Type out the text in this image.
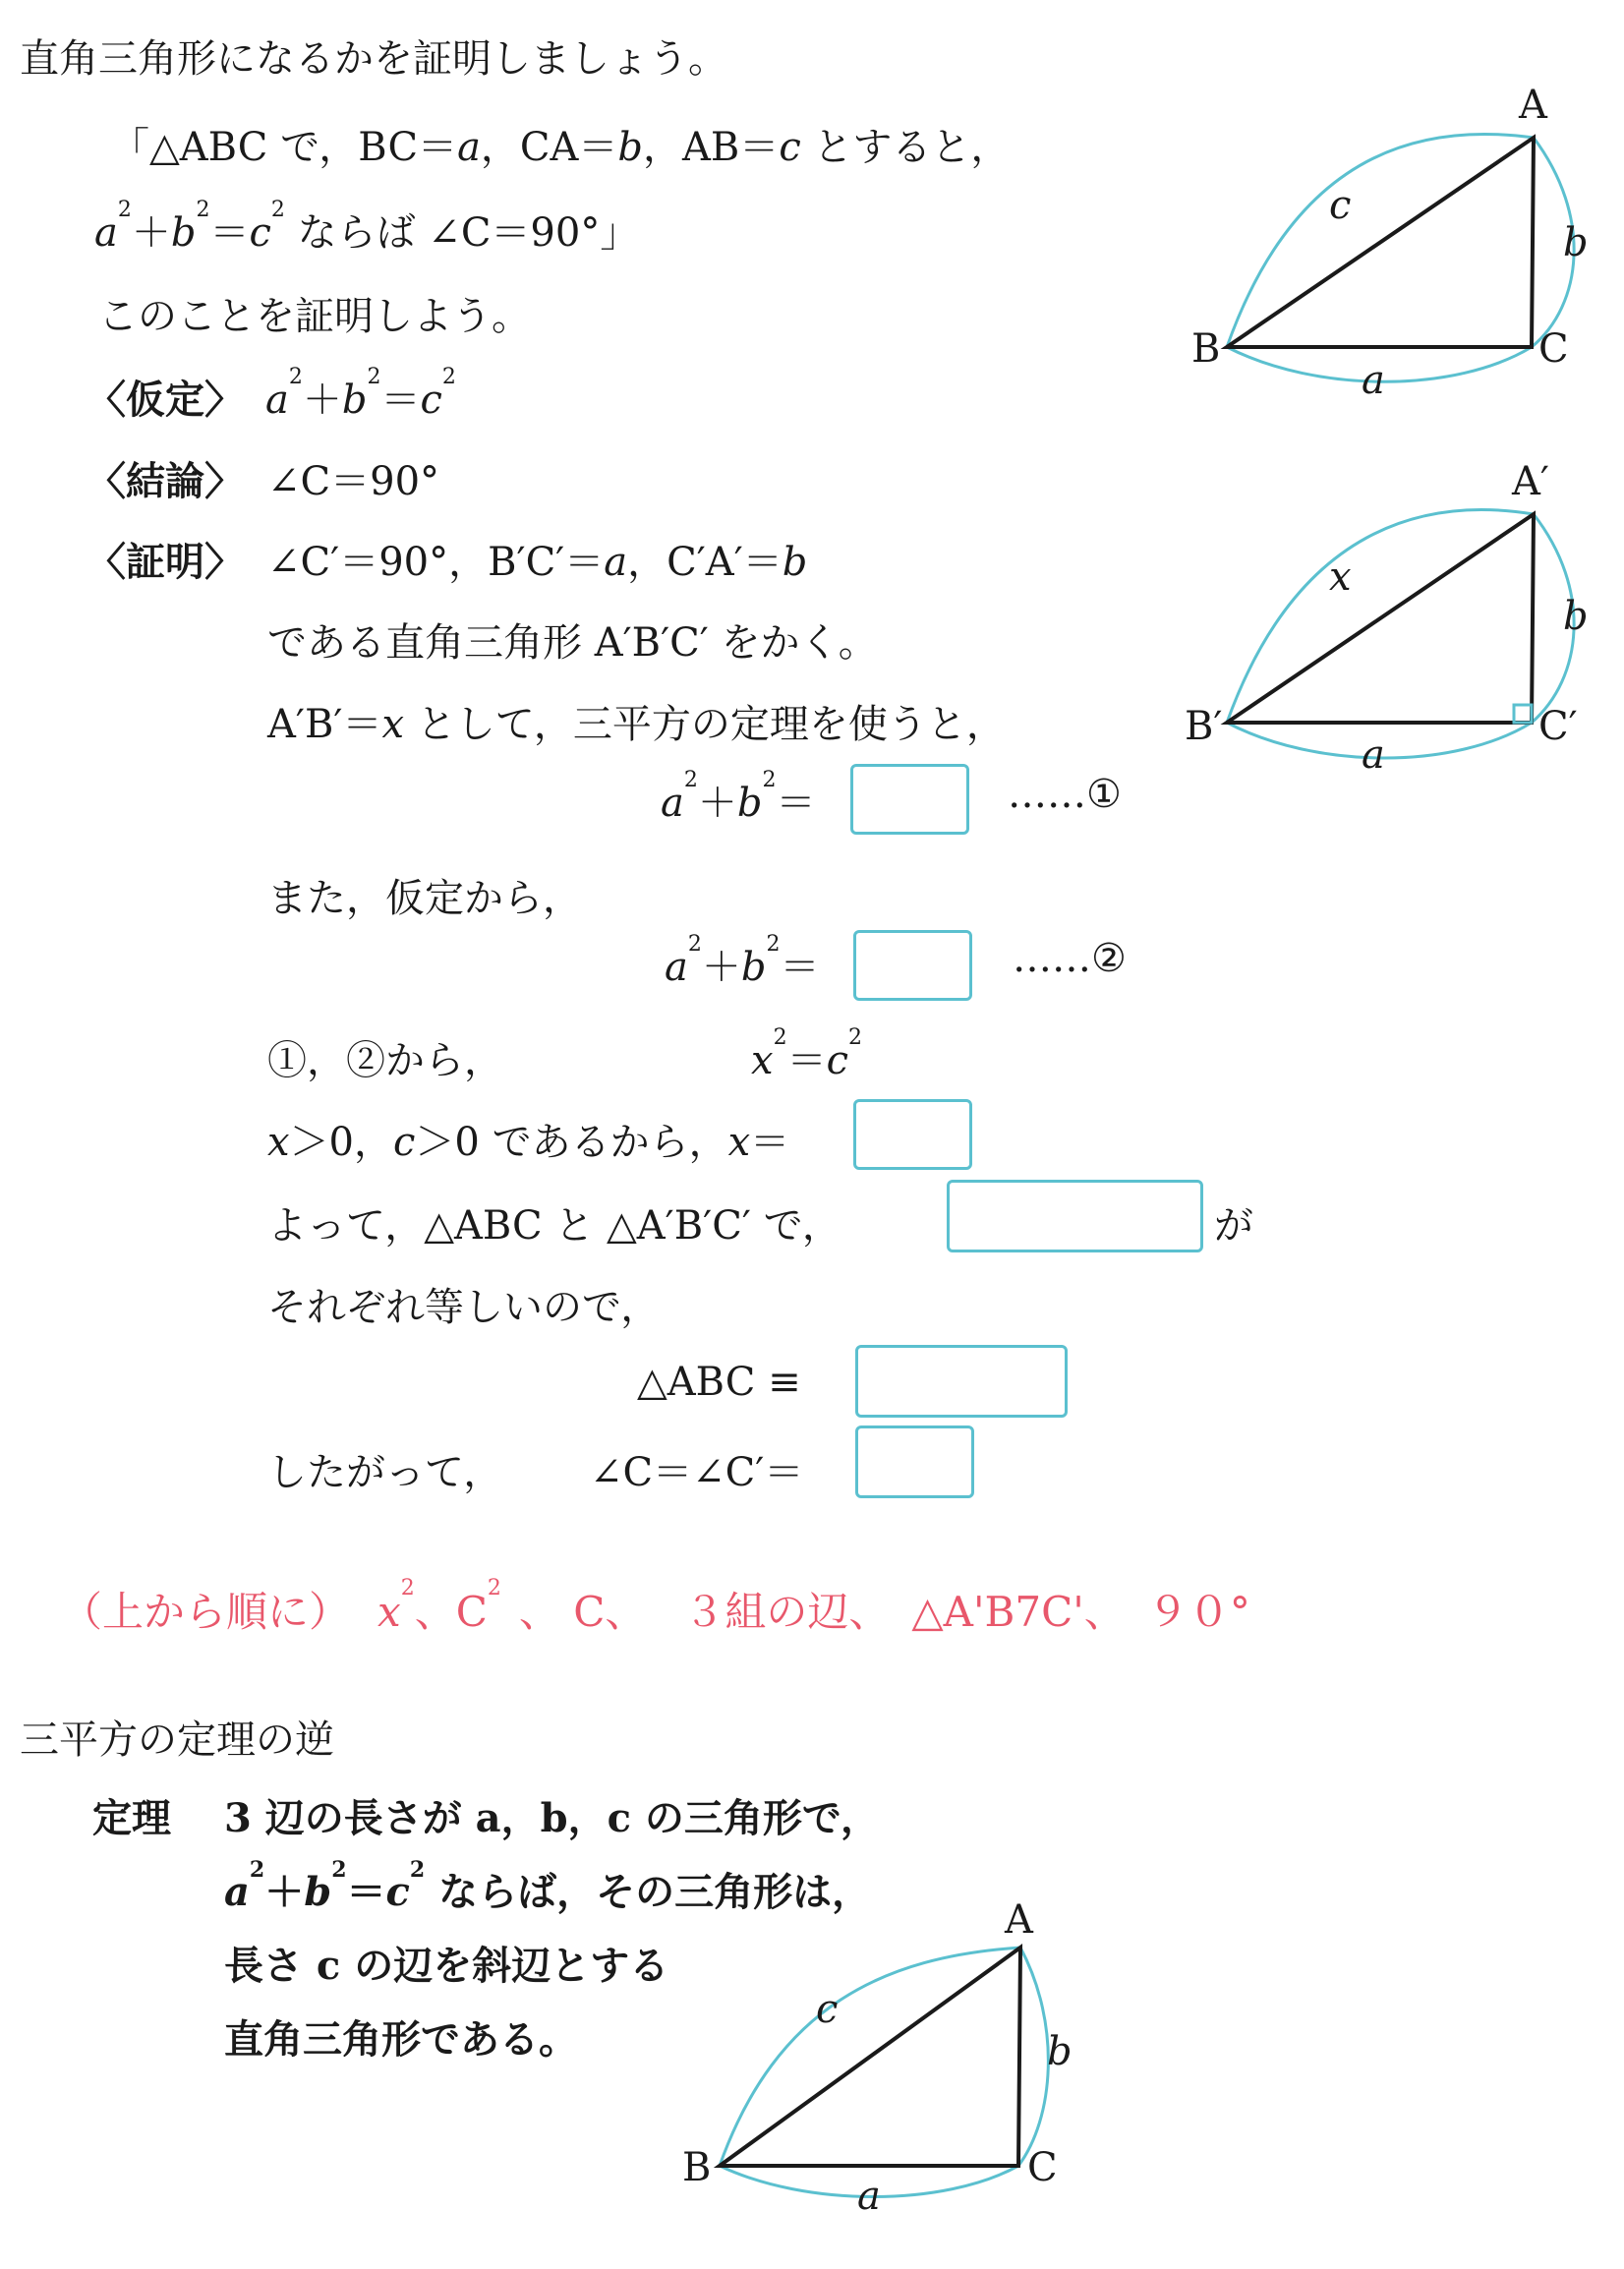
直角三角形になるかを証明しましょう。
「△ABC で，BC＝a，CA＝b，AB＝c とすると，
$a^2+b^2=c^2$ ならば ∠C＝90°」
このことを証明しよう。
〈仮定〉 $a^2+b^2=c^2$
〈結論〉 ∠C＝90°
〈証明〉 ∠C′＝90°，B′C′＝a，C′A′＝b
である直角三角形 A′B′C′ をかく。
A′B′＝x として，三平方の定理を使うと，
$a^2+b^2=$	……①
また，仮定から，
$a^2+b^2=$	……②
①，②から，	$x^2=c^2$
x＞0，c＞0 であるから，x＝
よって，△ABC と △A′B′C′ で，	が
それぞれ等しいので，
△ABC ≡
したがって， ∠C＝∠C′＝
（上から順に） $x^2$、$C^2$ 、 C、 ３組の辺、 △A'B7C'、 ９０°
三平方の定理の逆
定理 3 辺の長さが a，b，c の三角形で，
$a^2+b^2=c^2$ ならば，その三角形は，
長さ c の辺を斜辺とする
直角三角形である。
A
B	C
a
b
c
A′
B′	C′
a
b
x
A
B	C
a
b
c
